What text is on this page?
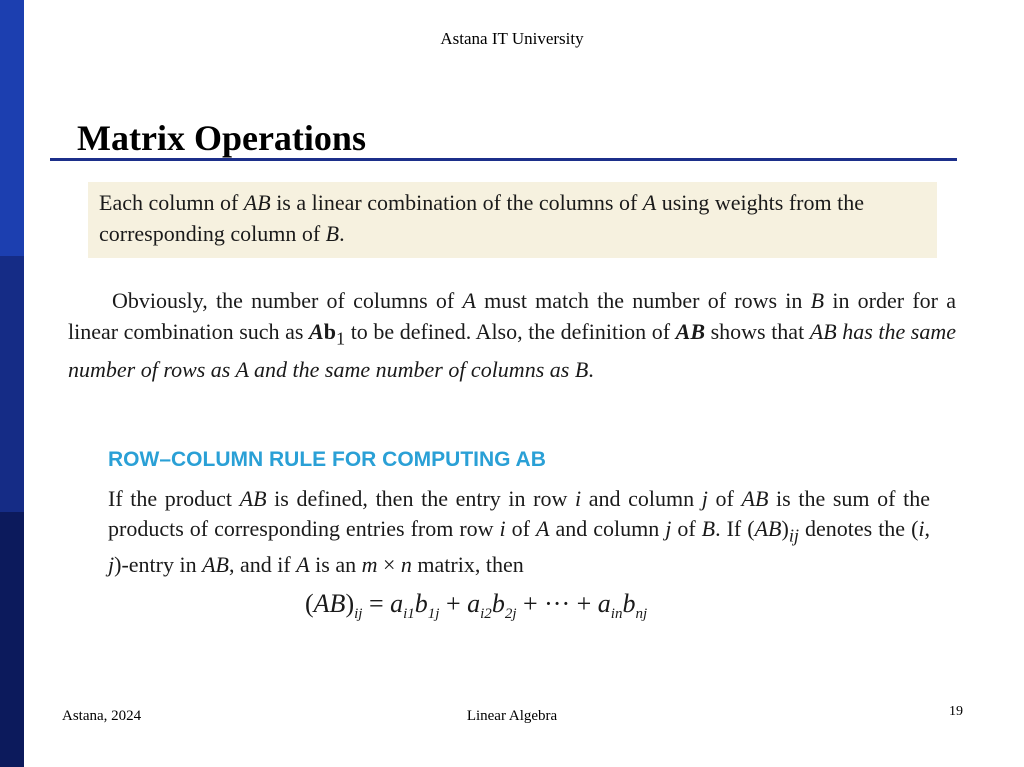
Astana IT University
Matrix Operations

Each column of AB is a linear combination of the columns of A using weights from the corresponding column of B.

Obviously, the number of columns of A must match the number of rows in B in order for a linear combination such as $Ab_1$ to be defined. Also, the definition of AB shows that AB has the same number of rows as A and the same number of columns as B.

ROW–COLUMN RULE FOR COMPUTING AB

If the product AB is defined, then the entry in row i and column j of AB is the sum of the products of corresponding entries from row i of A and column j of B. If $(AB)_{ij}$ denotes the (i, j)-entry in AB, and if A is an m × n matrix, then

$(AB)_{ij} = a_{i1}b_{1j} + a_{i2}b_{2j}$ + ··· + $a_{in}b_{nj}$
Astana, 2024	Linear Algebra	19
